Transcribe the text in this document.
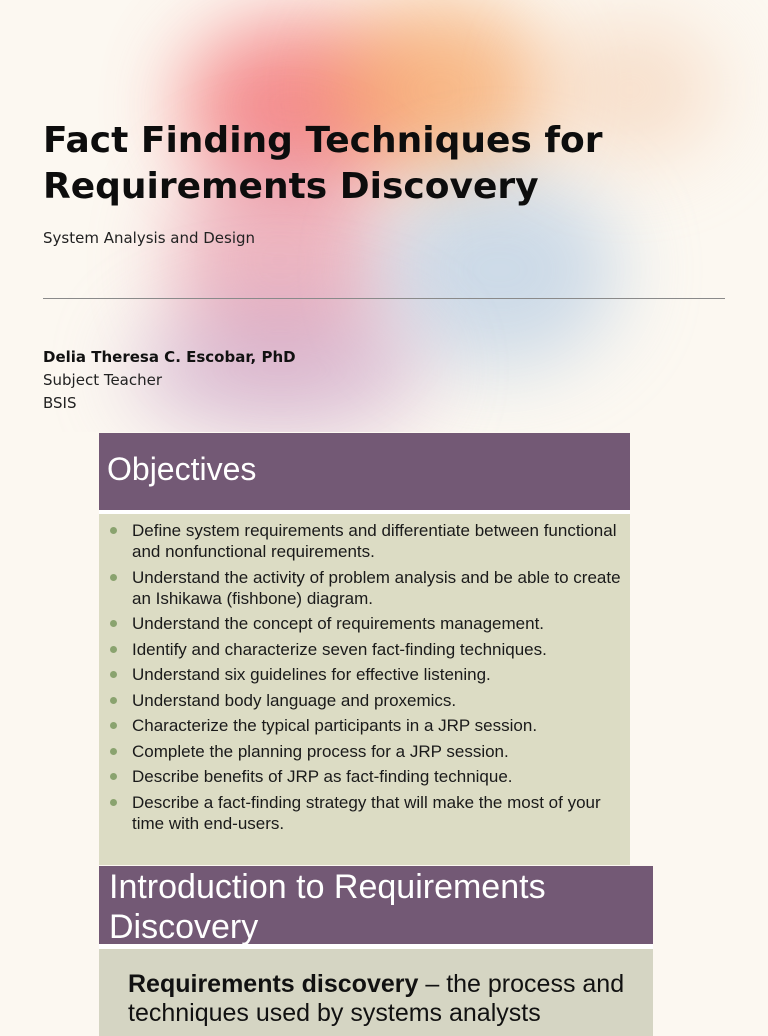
Fact Finding Techniques for Requirements Discovery
System Analysis and Design
Delia Theresa C. Escobar, PhD
Subject Teacher
BSIS
Objectives
Define system requirements and differentiate between functional and nonfunctional requirements.
Understand the activity of problem analysis and be able to create an Ishikawa (fishbone) diagram.
Understand the concept of requirements management.
Identify and characterize seven fact-finding techniques.
Understand six guidelines for effective listening.
Understand body language and proxemics.
Characterize the typical participants in a JRP session.
Complete the planning process for a JRP session.
Describe benefits of JRP as fact-finding technique.
Describe a fact-finding strategy that will make the most of your time with end-users.
Introduction to Requirements Discovery
Requirements discovery – the process and techniques used by systems analysts
